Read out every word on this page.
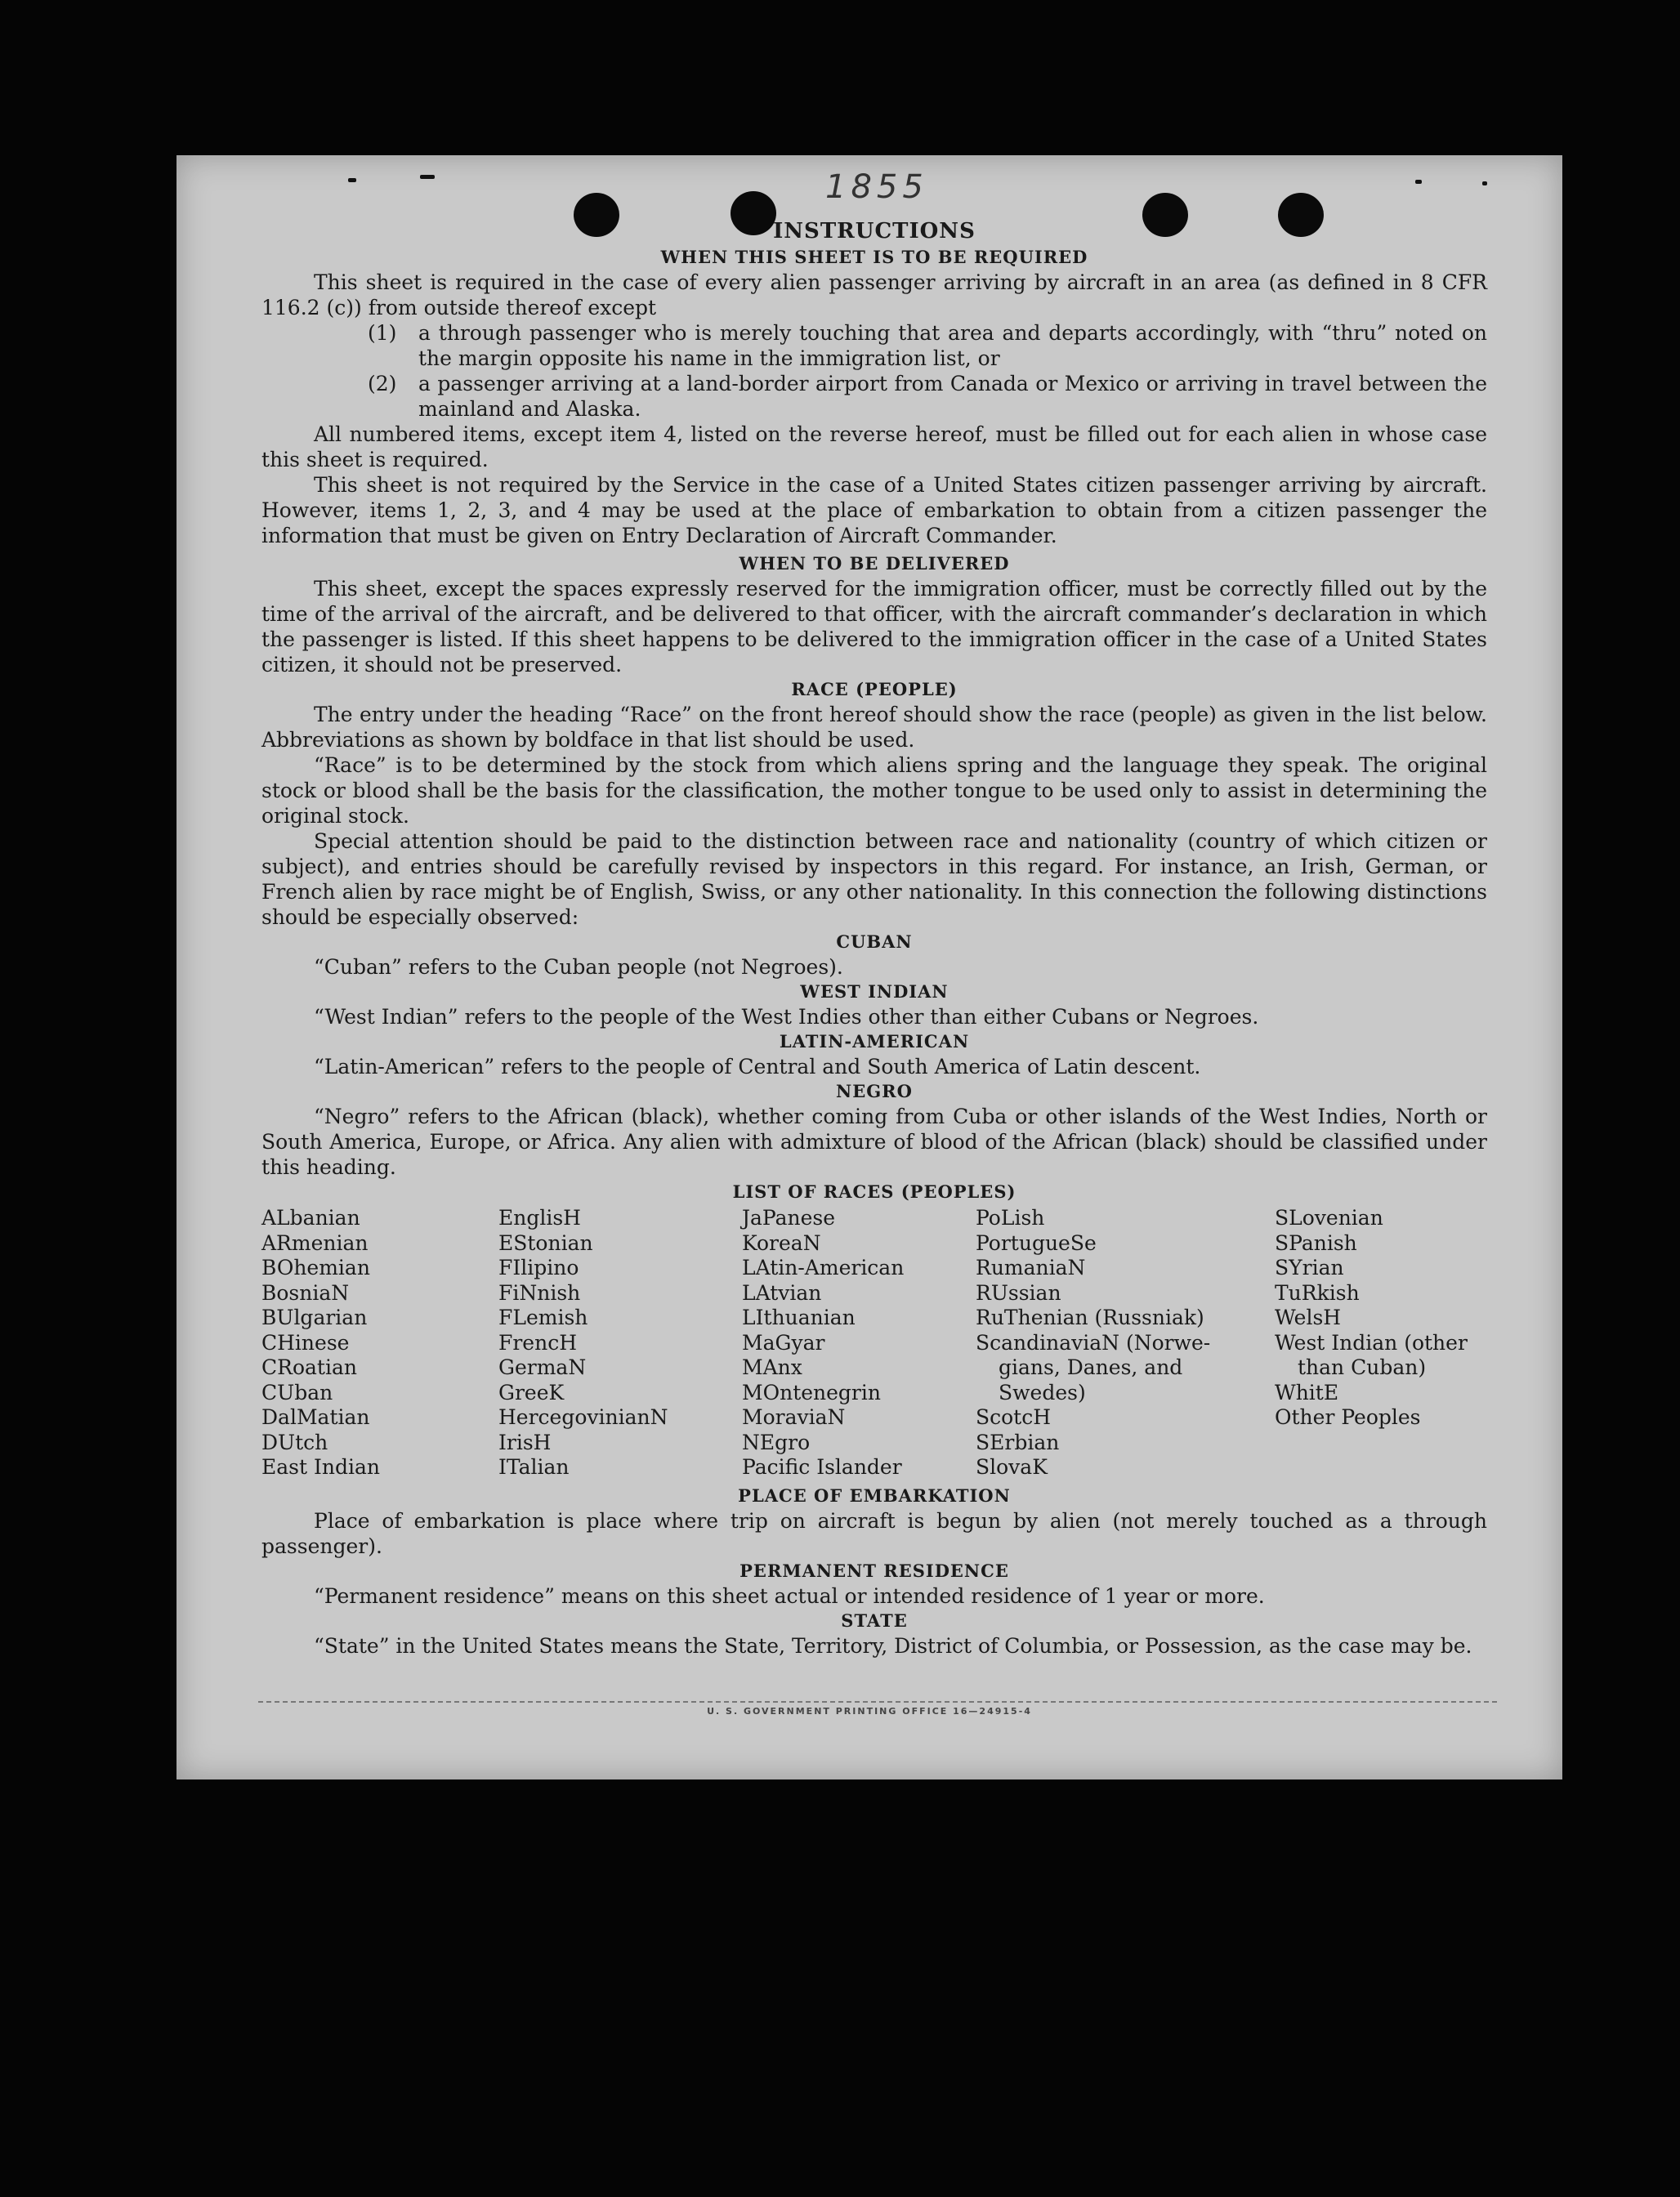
1855
INSTRUCTIONS
WHEN THIS SHEET IS TO BE REQUIRED

This sheet is required in the case of every alien passenger arriving by aircraft in an area (as defined in 8 CFR 116.2 (c)) from outside thereof except

(1) a through passenger who is merely touching that area and departs accordingly, with “thru” noted on the margin opposite his name in the immigration list, or
(2) a passenger arriving at a land-border airport from Canada or Mexico or arriving in travel between the mainland and Alaska.

All numbered items, except item 4, listed on the reverse hereof, must be filled out for each alien in whose case this sheet is required.

This sheet is not required by the Service in the case of a United States citizen passenger arriving by aircraft. However, items 1, 2, 3, and 4 may be used at the place of embarkation to obtain from a citizen passenger the information that must be given on Entry Declaration of Aircraft Commander.

WHEN TO BE DELIVERED

This sheet, except the spaces expressly reserved for the immigration officer, must be correctly filled out by the time of the arrival of the aircraft, and be delivered to that officer, with the aircraft commander’s declaration in which the passenger is listed. If this sheet happens to be delivered to the immigration officer in the case of a United States citizen, it should not be preserved.

RACE (PEOPLE)

The entry under the heading “Race” on the front hereof should show the race (people) as given in the list below. Abbreviations as shown by boldface in that list should be used.

“Race” is to be determined by the stock from which aliens spring and the language they speak. The original stock or blood shall be the basis for the classification, the mother tongue to be used only to assist in determining the original stock.

Special attention should be paid to the distinction between race and nationality (country of which citizen or subject), and entries should be carefully revised by inspectors in this regard. For instance, an Irish, German, or French alien by race might be of English, Swiss, or any other nationality. In this connection the following distinctions should be especially observed:

CUBAN

“Cuban” refers to the Cuban people (not Negroes).

WEST INDIAN

“West Indian” refers to the people of the West Indies other than either Cubans or Negroes.

LATIN-AMERICAN

“Latin-American” refers to the people of Central and South America of Latin descent.

NEGRO

“Negro” refers to the African (black), whether coming from Cuba or other islands of the West Indies, North or South America, Europe, or Africa. Any alien with admixture of blood of the African (black) should be classified under this heading.

LIST OF RACES (PEOPLES)
ALbanian
ARmenian
BOhemian
BosniaN
BUlgarian
CHinese
CRoatian
CUban
DalMatian
DUtch
East Indian
EnglisH
EStonian
FIlipino
FiNnish
FLemish
FrencH
GermaN
GreeK
HercegovinianN
IrisH
ITalian
JaPanese
KoreaN
LAtin-American
LAtvian
LIthuanian
MaGyar
MAnx
MOntenegrin
MoraviaN
NEgro
Pacific Islander
PoLish
PortugueSe
RumaniaN
RUssian
RuThenian (Russniak)
ScandinaviaN (Norwe-
gians, Danes, and
Swedes)
ScotcH
SErbian
SlovaK
SLovenian
SPanish
SYrian
TuRkish
WelsH
West Indian (other
than Cuban)
WhitE
Other Peoples
PLACE OF EMBARKATION

Place of embarkation is place where trip on aircraft is begun by alien (not merely touched as a through passenger).

PERMANENT RESIDENCE

“Permanent residence” means on this sheet actual or intended residence of 1 year or more.

STATE

“State” in the United States means the State, Territory, District of Columbia, or Possession, as the case may be.

U. S. GOVERNMENT PRINTING OFFICE 16—24915-4
